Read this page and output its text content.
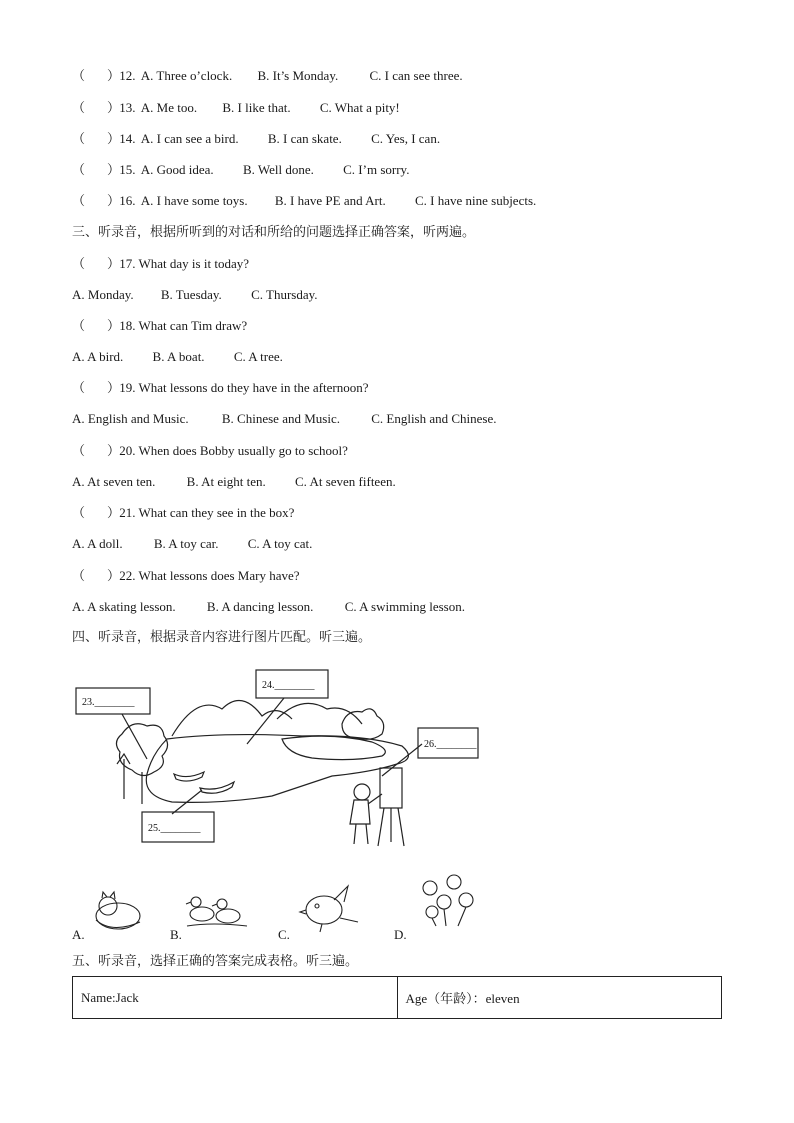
（ ） 12. A. Three o’clock. B. It’s Monday. C. I can see three.
（ ） 13. A. Me too. B. I like that. C. What a pity!
（ ） 14. A. I can see a bird. B. I can skate. C. Yes, I can.
（ ） 15. A. Good idea. B. Well done. C. I’m sorry.
（ ） 16. A. I have some toys. B. I have PE and Art. C. I have nine subjects.
三、听录音，根据所听到的对话和所给的问题选择正确答案，听两遍。
（ ） 17. What day is it today?
A. Monday. B. Tuesday. C. Thursday.
（ ） 18. What can Tim draw?
A. A bird. B. A boat. C. A tree.
（ ） 19. What lessons do they have in the afternoon?
A. English and Music.	B. Chinese and Music. C. English and Chinese.
（ ） 20. When does Bobby usually go to school?
A. At seven ten. B. At eight ten. C. At seven fifteen.
（ ） 21. What can they see in the box?
A. A doll. B. A toy car. C. A toy cat.
（ ） 22. What lessons does Mary have?
A. A skating lesson. B. A dancing lesson. C. A swimming lesson.
四、听录音，根据录音内容进行图片匹配。听三遍。
23.________
24.________
25.________
26.________
A.	B.	C.	D.
五、听录音，选择正确的答案完成表格。听三遍。
Name:Jack	Age（年龄）：eleven
